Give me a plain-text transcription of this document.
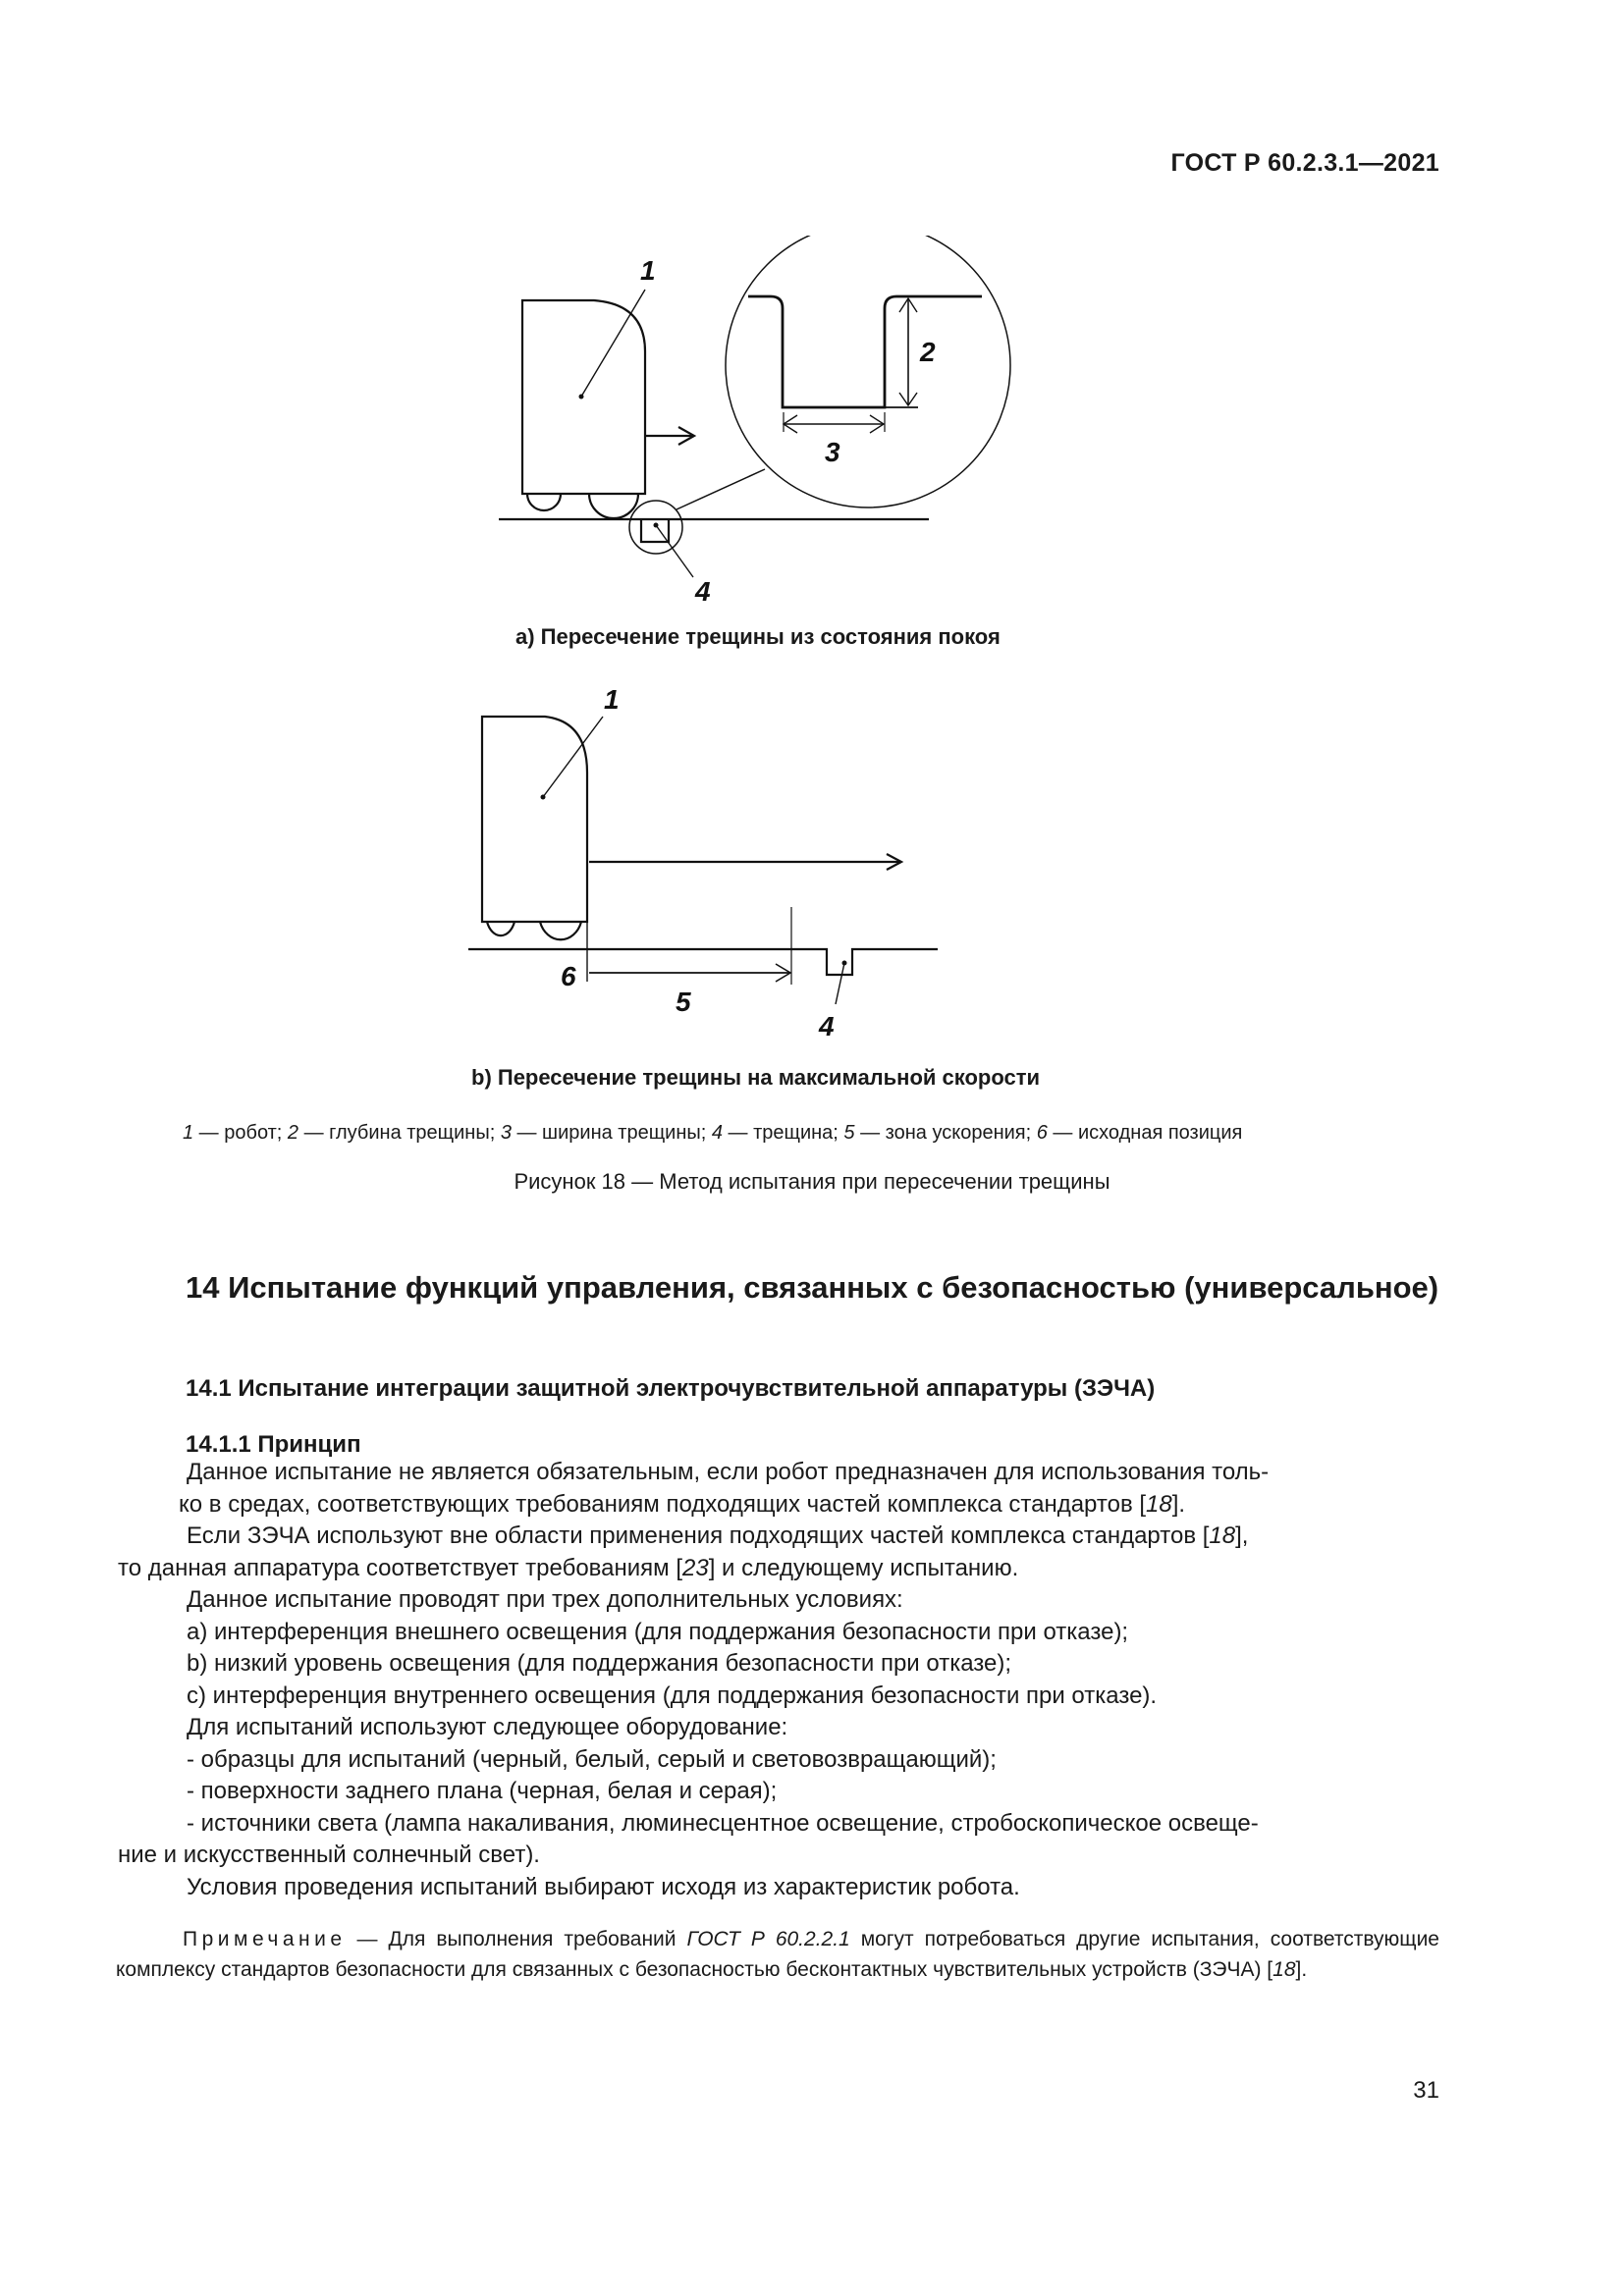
ГОСТ Р 60.2.3.1—2021
1
2
3
4
a) Пересечение трещины из состояния покоя
1
4
5
6
b) Пересечение трещины на максимальной скорости
1 — робот; 2 — глубина трещины; 3 — ширина трещины; 4 — трещина; 5 — зона ускорения; 6 — исходная позиция
Рисунок 18 — Метод испытания при пересечении трещины
14 Испытание функций управления, связанных с безопасностью (универсальное)
14.1 Испытание интеграции защитной электрочувствительной аппаратуры (ЗЭЧА)
14.1.1 Принцип
Данное испытание не является обязательным, если робот предназначен для использования толь-
ко в средах, соответствующих требованиям подходящих частей комплекса стандартов [18].
Если ЗЭЧА используют вне области применения подходящих частей комплекса стандартов [18],
то данная аппаратура соответствует требованиям [23] и следующему испытанию.
Данное испытание проводят при трех дополнительных условиях:
a) интерференция внешнего освещения (для поддержания безопасности при отказе);
b) низкий уровень освещения (для поддержания безопасности при отказе);
c) интерференция внутреннего освещения (для поддержания безопасности при отказе).
Для испытаний используют следующее оборудование:
- образцы для испытаний (черный, белый, серый и световозвращающий);
- поверхности заднего плана (черная, белая и серая);
- источники света (лампа накаливания, люминесцентное освещение, стробоскопическое освеще-
ние и искусственный солнечный свет).
Условия проведения испытаний выбирают исходя из характеристик робота.
Примечание — Для выполнения требований ГОСТ Р 60.2.2.1 могут потребоваться другие испытания, соответствующие комплексу стандартов безопасности для связанных с безопасностью бесконтактных чувствительных устройств (ЗЭЧА) [18].
31
